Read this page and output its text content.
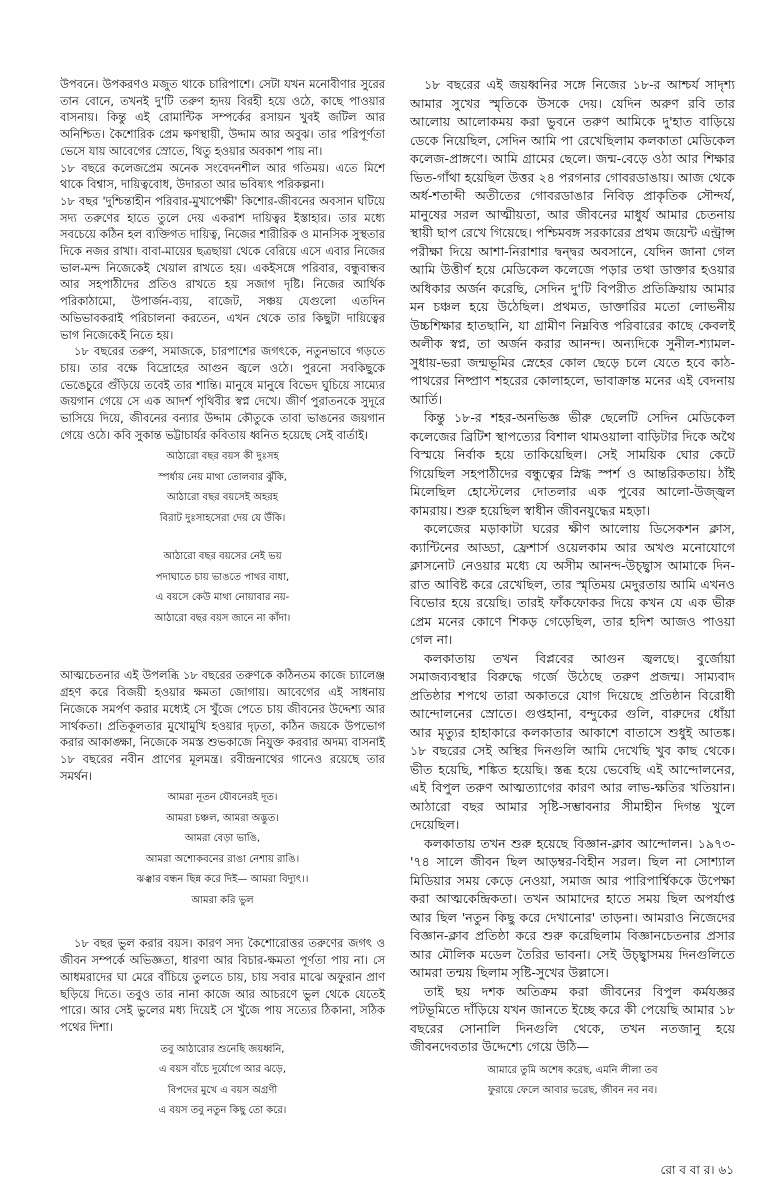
উপবনে। উপকরণও মজুত থাকে চারিপাশে। সেটা যখন মনোবীণার সুরের তান বোনে, তখনই দু'টি তরুণ হৃদয় বিরহী হয়ে ওঠে, কাছে পাওয়ার বাসনায়। কিন্তু এই রোমান্টিক সম্পর্কের রসায়ন খুবই জটিল আর অনিশ্চিত। কৈশোরিক প্রেম ক্ষণস্থায়ী, উদ্দাম আর অবুঝ। তার পরিপূর্ণতা ভেসে যায় আবেগের স্রোতে, থিতু হওয়ার অবকাশ পায় না।

১৮ বছরে কলেজপ্রেম অনেক সংবেদনশীল আর গতিময়। এতে মিশে থাকে বিশ্বাস, দায়িত্ববোধ, উদারতা আর ভবিষ্যৎ পরিকল্পনা।

১৮ বছর 'দুশ্চিন্তাহীন পরিবার-মুখাপেক্ষী' কিশোর-জীবনের অবসান ঘটিয়ে সদ্য তরুণের হাতে তুলে দেয় একরাশ দায়িত্বর ইস্তাহার। তার মধ্যে সবচেয়ে কঠিন হল ব্যক্তিগত দায়িত্ব, নিজের শারীরিক ও মানসিক সুস্থতার দিকে নজর রাখা। বাবা-মায়ের ছত্রছায়া থেকে বেরিয়ে এসে এবার নিজের ভাল-মন্দ নিজেকেই খেয়াল রাখতে হয়। একইসঙ্গে পরিবার, বন্ধুবান্ধব আর সহপাঠীদের প্রতিও রাখতে হয় সজাগ দৃষ্টি। নিজের আর্থিক পরিকাঠামো, উপার্জন-ব্যয়, বাজেট, সঞ্চয় যেগুলো এতদিন অভিভাবকরাই পরিচালনা করতেন, এখন থেকে তার কিছুটা দায়িত্বের ভাগ নিজেকেই নিতে হয়।

১৮ বছরের তরুণ, সমাজকে, চারপাশের জগৎকে, নতুনভাবে গড়তে চায়। তার বক্ষে বিদ্রোহের আগুন জ্বলে ওঠে। পুরনো সবকিছুকে ভেঙেচুরে গুঁড়িয়ে তবেই তার শান্তি। মানুষে মানুষে বিভেদ ঘুচিয়ে সাম্যের জয়গান গেয়ে সে এক আদর্শ পৃথিবীর স্বপ্ন দেখে। জীর্ণ পুরাতনকে সুদূরে ভাসিয়ে দিয়ে, জীবনের বন্যার উদ্দাম কৌতুকে তাবা ভাঙনের জয়গান গেয়ে ওঠে। কবি সুকান্ত ভট্টাচার্যর কবিতায় ধ্বনিত হয়েছে সেই বার্তাই।

আঠারো বছর বয়স কী দুঃসহ
স্পর্ধায় নেয় মাথা তোলবার ঝুঁকি,
আঠারো বছর বয়সেই অহরহ
বিরাট দুঃসাহসেরা দেয় যে উঁকি।
আঠারো বছর বয়সের নেই ভয়
পদাঘাতে চায় ভাঙতে পাথর বাধা,
এ বয়সে কেউ মাথা নোয়াবার নয়-
আঠারো বছর বয়স জানে না কাঁদা।

আত্মচেতনার এই উপলব্ধি ১৮ বছরের তরুণকে কঠিনতম কাজে চ্যালেঞ্জ গ্রহণ করে বিজয়ী হওয়ার ক্ষমতা জোগায়। আবেগের এই সাধনায় নিজেকে সমর্পণ করার মধ্যেই সে খুঁজে পেতে চায় জীবনের উদ্দেশ্য আর সার্থকতা। প্রতিকূলতার মুখোমুখি হওয়ার দৃঢ়তা, কঠিন জয়কে উপভোগ করার আকাঙ্ক্ষা, নিজেকে সমস্ত শুভকাজে নিযুক্ত করবার অদম্য বাসনাই ১৮ বছরের নবীন প্রাণের মূলমন্ত্র। রবীন্দ্রনাথের গানেও রয়েছে তার সমর্থন।

আমরা নূতন যৌবনেরই দূত।
আমরা চঞ্চল, আমরা অদ্ভুত।
আমরা বেড়া ভাঙি,
আমরা অশোকবনের রাঙা নেশায় রাঙি।
ঝঞ্ঝার বন্ধন ছিন্ন করে দিই— আমরা বিদ্যুৎ।।
আমরা করি ভুল

১৮ বছর ভুল করার বয়স। কারণ সদ্য কৈশোরোত্তর তরুণের জগৎ ও জীবন সম্পর্কে অভিজ্ঞতা, ধারণা আর বিচার-ক্ষমতা পূর্ণতা পায় না। সে আধমরাদের ঘা মেরে বাঁচিয়ে তুলতে চায়, চায় সবার মাঝে অফুরান প্রাণ ছড়িয়ে দিতে। তবুও তার নানা কাজে আর আচরণে ভুল থেকে যেতেই পারে। আর সেই ভুলের মধ্য দিয়েই সে খুঁজে পায় সত্যের ঠিকানা, সঠিক পথের দিশা।

তবু আঠারোর শুনেছি জয়ধ্বনি,
এ বয়স বাঁচে দুর্যোগে আর ঝড়ে,
বিপদের মুখে এ বয়স অগ্রণী
এ বয়স তবু নতুন কিছু তো করে।

১৮ বছরের এই জয়ধ্বনির সঙ্গে নিজের ১৮-র আশ্চর্য সাদৃশ্য আমার সুখের স্মৃতিকে উসকে দেয়। যেদিন অরুণ রবি তার আলোয় আলোকময় করা ভুবনে তরুণ আমিকে দু'হাত বাড়িয়ে ডেকে নিয়েছিল, সেদিন আমি পা রেখেছিলাম কলকাতা মেডিকেল কলেজ-প্রাঙ্গণে। আমি গ্রামের ছেলে। জন্ম-বেড়ে ওঠা আর শিক্ষার ভিত-গাঁথা হয়েছিল উত্তর ২৪ পরগনার গোবরডাঙায়। আজ থেকে অর্ধ-শতাব্দী অতীতের গোবরডাঙার নিবিড় প্রাকৃতিক সৌন্দর্য, মানুষের সরল আত্মীয়তা, আর জীবনের মাধুর্য আমার চেতনায় স্থায়ী ছাপ রেখে গিয়েছে। পশ্চিমবঙ্গ সরকারের প্রথম জয়েন্ট এন্ট্রান্স পরীক্ষা দিয়ে আশা-নিরাশার দ্বন্দ্বর অবসানে, যেদিন জানা গেল আমি উত্তীর্ণ হয়ে মেডিকেল কলেজে পড়ার তথা ডাক্তার হওয়ার অধিকার অর্জন করেছি, সেদিন দু'টি বিপরীত প্রতিক্রিয়ায় আমার মন চঞ্চল হয়ে উঠেছিল। প্রথমত, ডাক্তারির মতো লোভনীয় উচ্চশিক্ষার হাতছানি, যা গ্রামীণ নিম্নবিত্ত পরিবারের কাছে কেবলই অলীক স্বপ্ন, তা অর্জন করার আনন্দ। অন্যদিকে সুনীল-শ্যামল-সুধায়-ভরা জন্মভূমির স্নেহের কোল ছেড়ে চলে যেতে হবে কাঠ-পাথরের নিষ্প্রাণ শহরের কোলাহলে, ভাবাক্রান্ত মনের এই বেদনায় আর্তি।

কিন্তু ১৮-র শহর-অনভিজ্ঞ ভীরু ছেলেটি সেদিন মেডিকেল কলেজের ব্রিটিশ স্থাপত্যের বিশাল থামওয়ালা বাড়িটার দিকে অথৈ বিস্ময়ে নির্বাক হয়ে তাকিয়েছিল। সেই সাময়িক ঘোর কেটে গিয়েছিল সহপাঠীদের বন্ধুত্বের স্নিগ্ধ স্পর্শ ও আন্তরিকতায়। ঠাঁই মিলেছিল হোস্টেলের দোতলার এক পুবের আলো-উজ্জ্বল কামরায়। শুরু হয়েছিল স্বাধীন জীবনযুদ্ধের মহড়া।

কলেজের মড়াকাটা ঘরের ক্ষীণ আলোয় ডিসেকশন ক্লাস, ক্যান্টিনের আড্ডা, ফ্রেশার্স ওয়েলকাম আর অখণ্ড মনোযোগে ক্লাসনোট নেওয়ার মধ্যে যে অসীম আনন্দ-উচ্ছ্বাস আমাকে দিন-রাত আবিষ্ট করে রেখেছিল, তার স্মৃতিময় মেদুরতায় আমি এখনও বিভোর হয়ে রয়েছি। তারই ফাঁকফোকর দিয়ে কখন যে এক ভীরু প্রেম মনের কোণে শিকড় গেড়েছিল, তার হদিশ আজও পাওয়া গেল না।

কলকাতায় তখন বিপ্লবের আগুন জ্বলছে। বুর্জোয়া সমাজব্যবস্থার বিরুদ্ধে গর্জে উঠেছে তরুণ প্রজন্ম। সাম্যবাদ প্রতিষ্ঠার শপথে তারা অকাতরে যোগ দিয়েছে প্রতিষ্ঠান বিরোধী আন্দোলনের স্রোতে। গুপ্তহানা, বন্দুকের গুলি, বারুদের ধোঁয়া আর মৃত্যুর হাহাকারে কলকাতার আকাশে বাতাসে শুধুই আতঙ্ক। ১৮ বছরের সেই অস্থির দিনগুলি আমি দেখেছি খুব কাছ থেকে। ভীত হয়েছি, শঙ্কিত হয়েছি। স্তব্ধ হয়ে ভেবেছি এই আন্দোলনের, এই বিপুল তরুণ আত্মত্যাগের কারণ আর লাভ-ক্ষতির খতিয়ান। আঠারো বছর আমার সৃষ্টি-সম্ভাবনার সীমাহীন দিগন্ত খুলে দেয়েছিল।

কলকাতায় তখন শুরু হয়েছে বিজ্ঞান-ক্লাব আন্দোলন। ১৯৭৩-'৭৪ সালে জীবন ছিল আড়ম্বর-বিহীন সরল। ছিল না সোশ্যাল মিডিয়ার সময় কেড়ে নেওয়া, সমাজ আর পারিপার্শ্বিককে উপেক্ষা করা আত্মকেন্দ্রিকতা। তখন আমাদের হাতে সময় ছিল অপর্যাপ্ত আর ছিল 'নতুন কিছু করে দেখানোর' তাড়না। আমরাও নিজেদের বিজ্ঞান-ক্লাব প্রতিষ্ঠা করে শুরু করেছিলাম বিজ্ঞানচেতনার প্রসার আর মৌলিক মডেল তৈরির ভাবনা। সেই উচ্ছ্বাসময় দিনগুলিতে আমরা তন্ময় ছিলাম সৃষ্টি-সুখের উল্লাসে।

তাই ছয় দশক অতিক্রম করা জীবনের বিপুল কর্মযজ্ঞর পটভূমিতে দাঁড়িয়ে যখন জানতে ইচ্ছে করে কী পেয়েছি আমার ১৮ বছরের সোনালি দিনগুলি থেকে, তখন নতজানু হয়ে জীবনদেবতার উদ্দেশ্যে গেয়ে উঠি—

আমারে তুমি অশেষ করেছ, এমনি লীলা তব
ফুরায়ে ফেলে আবার ভরেছ, জীবন নব নব।
রো ব বা র। ৬১
